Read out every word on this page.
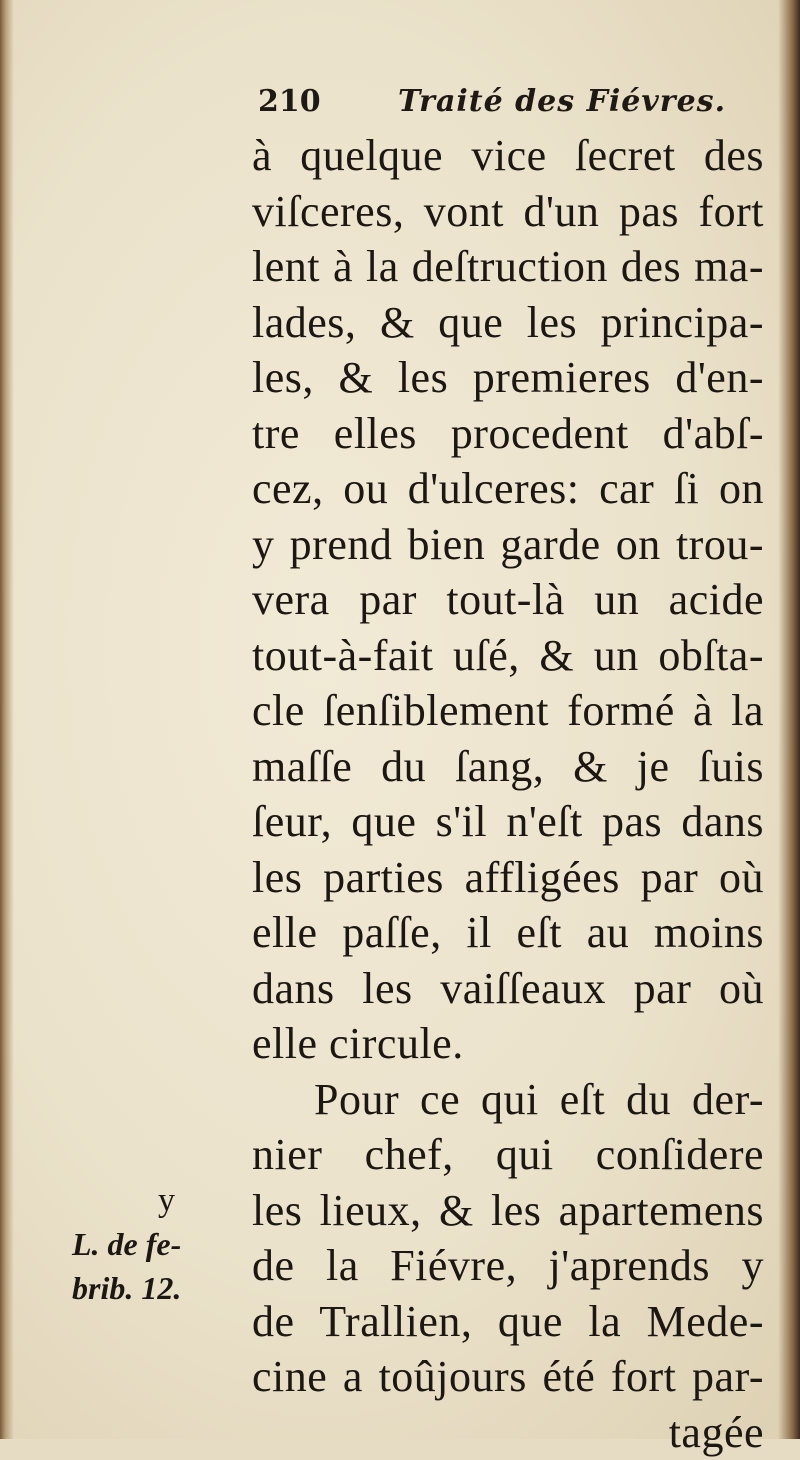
210	Traité des Fiévres.
à quelque vice ſecret des
viſceres, vont d'un pas fort
lent à la deſtruction des ma-
lades, & que les principa-
les, & les premieres d'en-
tre elles procedent d'abſ-
cez, ou d'ulceres: car ſi on
y prend bien garde on trou-
vera par tout-là un acide
tout-à-fait uſé, & un obſta-
cle ſenſiblement formé à la
maſſe du ſang, & je ſuis
ſeur, que s'il n'eſt pas dans
les parties affligées par où
elle paſſe, il eſt au moins
dans les vaiſſeaux par où
elle circule.
Pour ce qui eſt du der-
nier chef, qui conſidere
les lieux, & les apartemens
de la Fiévre, j'aprends y
de Trallien, que la Mede-
cine a toûjours été fort par-
tagée
y
L. de fe-
brib. 12.
